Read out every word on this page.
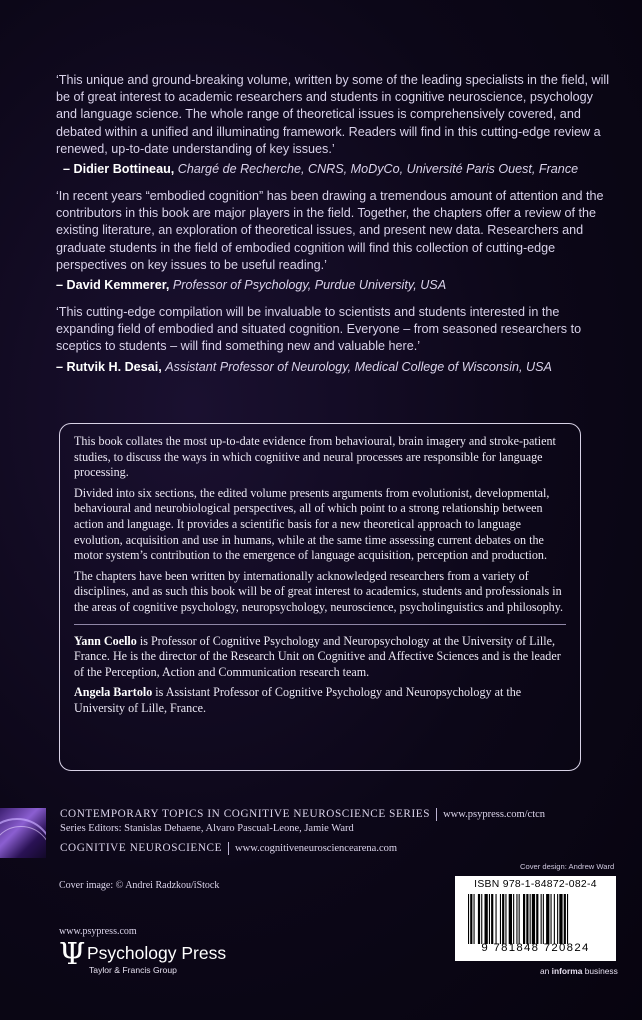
‘This unique and ground-breaking volume, written by some of the leading specialists in the field, will be of great interest to academic researchers and students in cognitive neuroscience, psychology and language science. The whole range of theoretical issues is comprehensively covered, and debated within a unified and illuminating framework. Readers will find in this cutting-edge review a renewed, up-to-date understanding of key issues.’
– Didier Bottineau, Chargé de Recherche, CNRS, MoDyCo, Université Paris Ouest, France
‘In recent years “embodied cognition” has been drawing a tremendous amount of attention and the contributors in this book are major players in the field. Together, the chapters offer a review of the existing literature, an exploration of theoretical issues, and present new data. Researchers and graduate students in the field of embodied cognition will find this collection of cutting-edge perspectives on key issues to be useful reading.’
– David Kemmerer, Professor of Psychology, Purdue University, USA
‘This cutting-edge compilation will be invaluable to scientists and students interested in the expanding field of embodied and situated cognition. Everyone – from seasoned researchers to sceptics to students – will find something new and valuable here.’
– Rutvik H. Desai, Assistant Professor of Neurology, Medical College of Wisconsin, USA

This book collates the most up-to-date evidence from behavioural, brain imagery and stroke-patient studies, to discuss the ways in which cognitive and neural processes are responsible for language processing.

Divided into six sections, the edited volume presents arguments from evolutionist, developmental, behavioural and neurobiological perspectives, all of which point to a strong relationship between action and language. It provides a scientific basis for a new theoretical approach to language evolution, acquisition and use in humans, while at the same time assessing current debates on the motor system’s contribution to the emergence of language acquisition, perception and production.

The chapters have been written by internationally acknowledged researchers from a variety of disciplines, and as such this book will be of great interest to academics, students and professionals in the areas of cognitive psychology, neuropsychology, neuroscience, psycholinguistics and philosophy.

Yann Coello is Professor of Cognitive Psychology and Neuropsychology at the University of Lille, France. He is the director of the Research Unit on Cognitive and Affective Sciences and is the leader of the Perception, Action and Communication research team.

Angela Bartolo is Assistant Professor of Cognitive Psychology and Neuropsychology at the University of Lille, France.

CONTEMPORARY TOPICS IN COGNITIVE NEUROSCIENCE SERIES www.psypress.com/ctcn
Series Editors: Stanislas Dehaene, Alvaro Pascual-Leone, Jamie Ward
COGNITIVE NEUROSCIENCE www.cognitiveneurosciencearena.com
Cover design: Andrew Ward
Cover image: © Andrei Radzkou/iStock	ISBN 978-1-84872-082-4
9 781848 720824
www.psypress.com
Ψ Psychology Press
Taylor & Francis Group	an informa business
